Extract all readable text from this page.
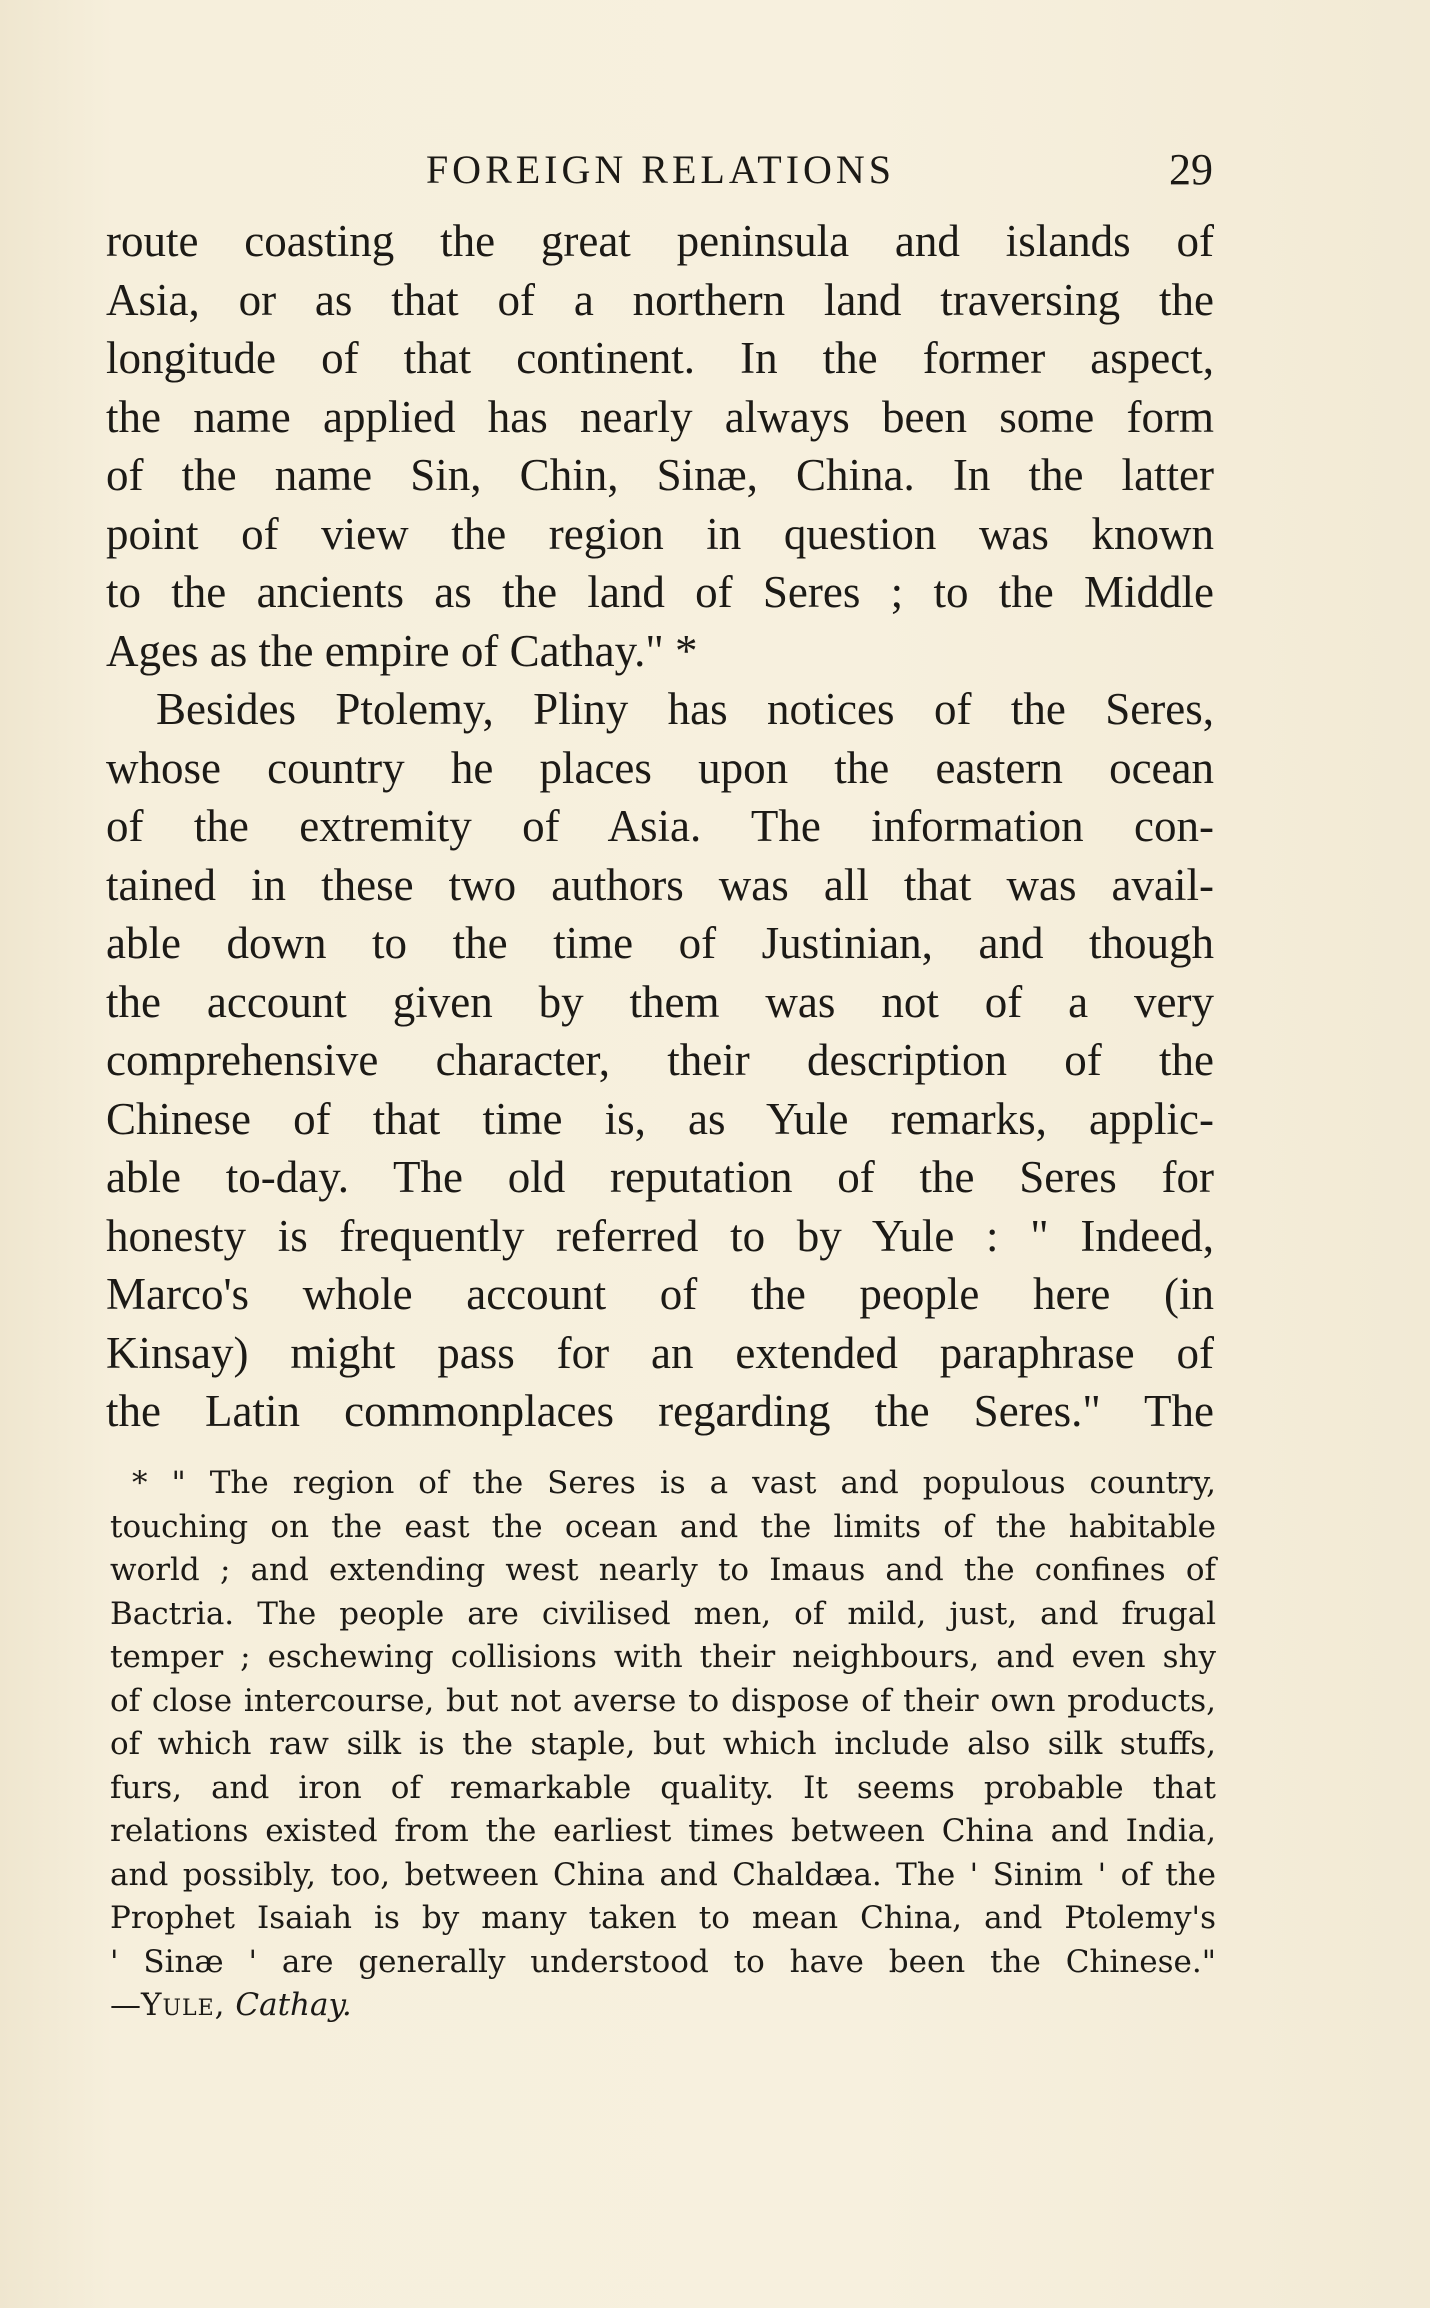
FOREIGN RELATIONS	29
route coasting the great peninsula and islands of
Asia, or as that of a northern land traversing the
longitude of that continent. In the former aspect,
the name applied has nearly always been some form
of the name Sin, Chin, Sinæ, China. In the latter
point of view the region in question was known
to the ancients as the land of Seres ; to the Middle
Ages as the empire of Cathay." *
Besides Ptolemy, Pliny has notices of the Seres,
whose country he places upon the eastern ocean
of the extremity of Asia. The information con-
tained in these two authors was all that was avail-
able down to the time of Justinian, and though
the account given by them was not of a very
comprehensive character, their description of the
Chinese of that time is, as Yule remarks, applic-
able to-day. The old reputation of the Seres for
honesty is frequently referred to by Yule : " Indeed,
Marco's whole account of the people here (in
Kinsay) might pass for an extended paraphrase of
the Latin commonplaces regarding the Seres." The
* " The region of the Seres is a vast and populous country,
touching on the east the ocean and the limits of the habitable
world ; and extending west nearly to Imaus and the confines of
Bactria. The people are civilised men, of mild, just, and frugal
temper ; eschewing collisions with their neighbours, and even shy
of close intercourse, but not averse to dispose of their own products,
of which raw silk is the staple, but which include also silk stuffs,
furs, and iron of remarkable quality. It seems probable that
relations existed from the earliest times between China and India,
and possibly, too, between China and Chaldæa. The ' Sinim ' of the
Prophet Isaiah is by many taken to mean China, and Ptolemy's
' Sinæ ' are generally understood to have been the Chinese."
—Yule, Cathay.
